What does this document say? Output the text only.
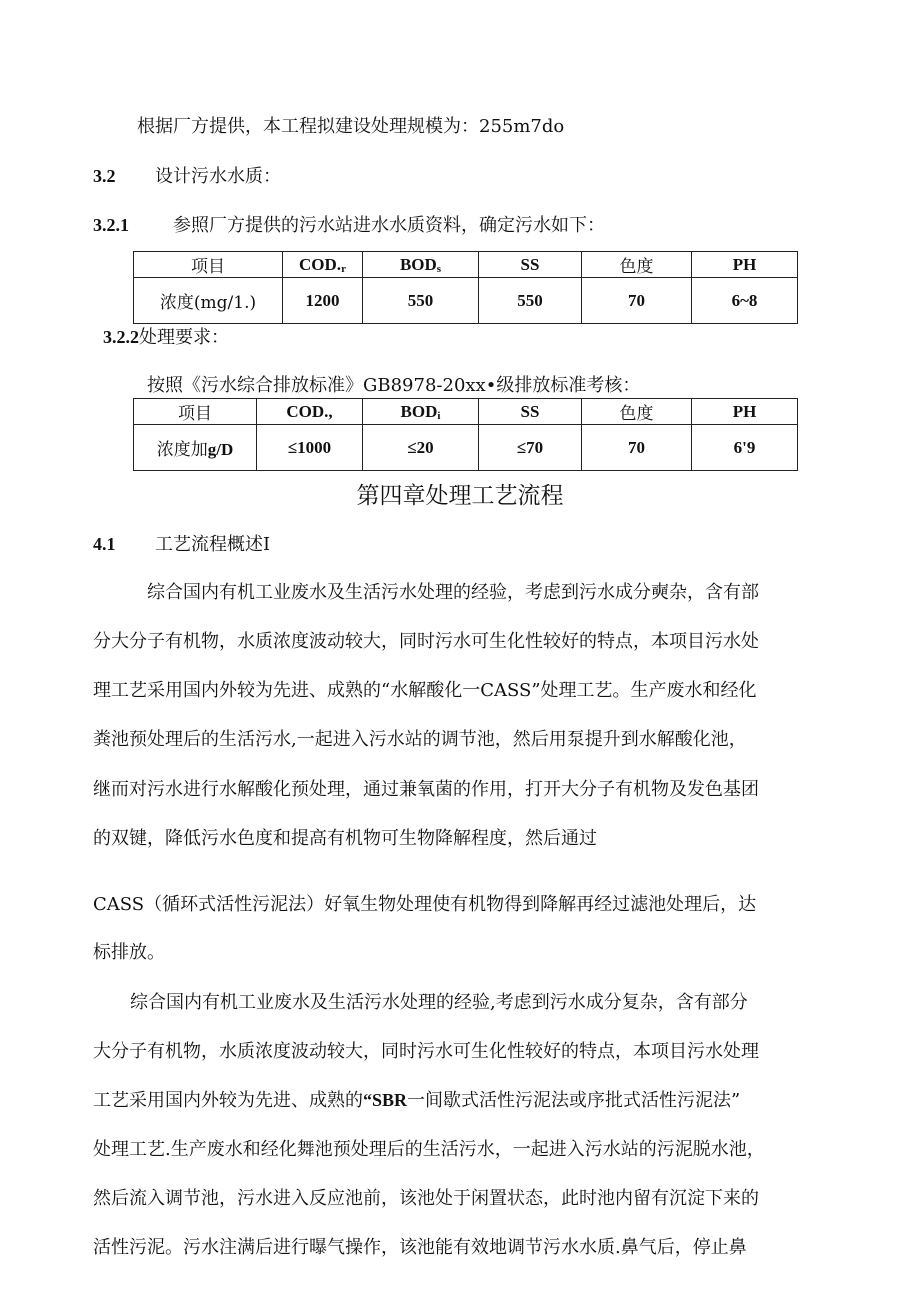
根据厂方提供，本工程拟建设处理规模为：255m7do
3.2 设计污水水质：
3.2.1 参照厂方提供的污水站进水水质资料，确定污水如下：
项目	COD.r	BODs	SS	色度	PH
浓度(mg/1.)	1200	550	550	70	6~8
3.2.2处理要求：
按照《污水综合排放标准》GB8978-20xx•级排放标准考核：
项目	COD.,	BODi	SS	色度	PH
浓度加g/D	≤1000	≤20	≤70	70	6'9
第四章处理工艺流程
4.1 工艺流程概述I
综合国内有机工业废水及生活污水处理的经验，考虑到污水成分奭杂，含有部
分大分子有机物，水质浓度波动较大，同时污水可生化性较好的特点，本项目污水处
理工艺采用国内外较为先进、成熟的“水解酸化一CASS”处理工艺。生产废水和经化
粪池预处理后的生活污水,一起进入污水站的调节池，然后用泵提升到水解酸化池，
继而对污水进行水解酸化预处理，通过兼氧菌的作用，打开大分子有机物及发色基团
的双键，降低污水色度和提高有机物可生物降解程度，然后通过
CASS（循环式活性污泥法）好氧生物处理使有机物得到降解再经过滤池处理后，达
标排放。
综合国内有机工业废水及生活污水处理的经验,考虑到污水成分复杂，含有部分
大分子有机物，水质浓度波动较大，同时污水可生化性较好的特点，本项目污水处理
工艺采用国内外较为先进、成熟的“SBR一间歇式活性污泥法或序批式活性污泥法”
处理工艺.生产废水和经化舞池预处理后的生活污水，一起进入污水站的污泥脱水池，
然后流入调节池，污水进入反应池前，该池处于闲置状态，此时池内留有沉淀下来的
活性污泥。污水注满后进行曝气操作，该池能有效地调节污水水质.鼻气后，停止鼻
